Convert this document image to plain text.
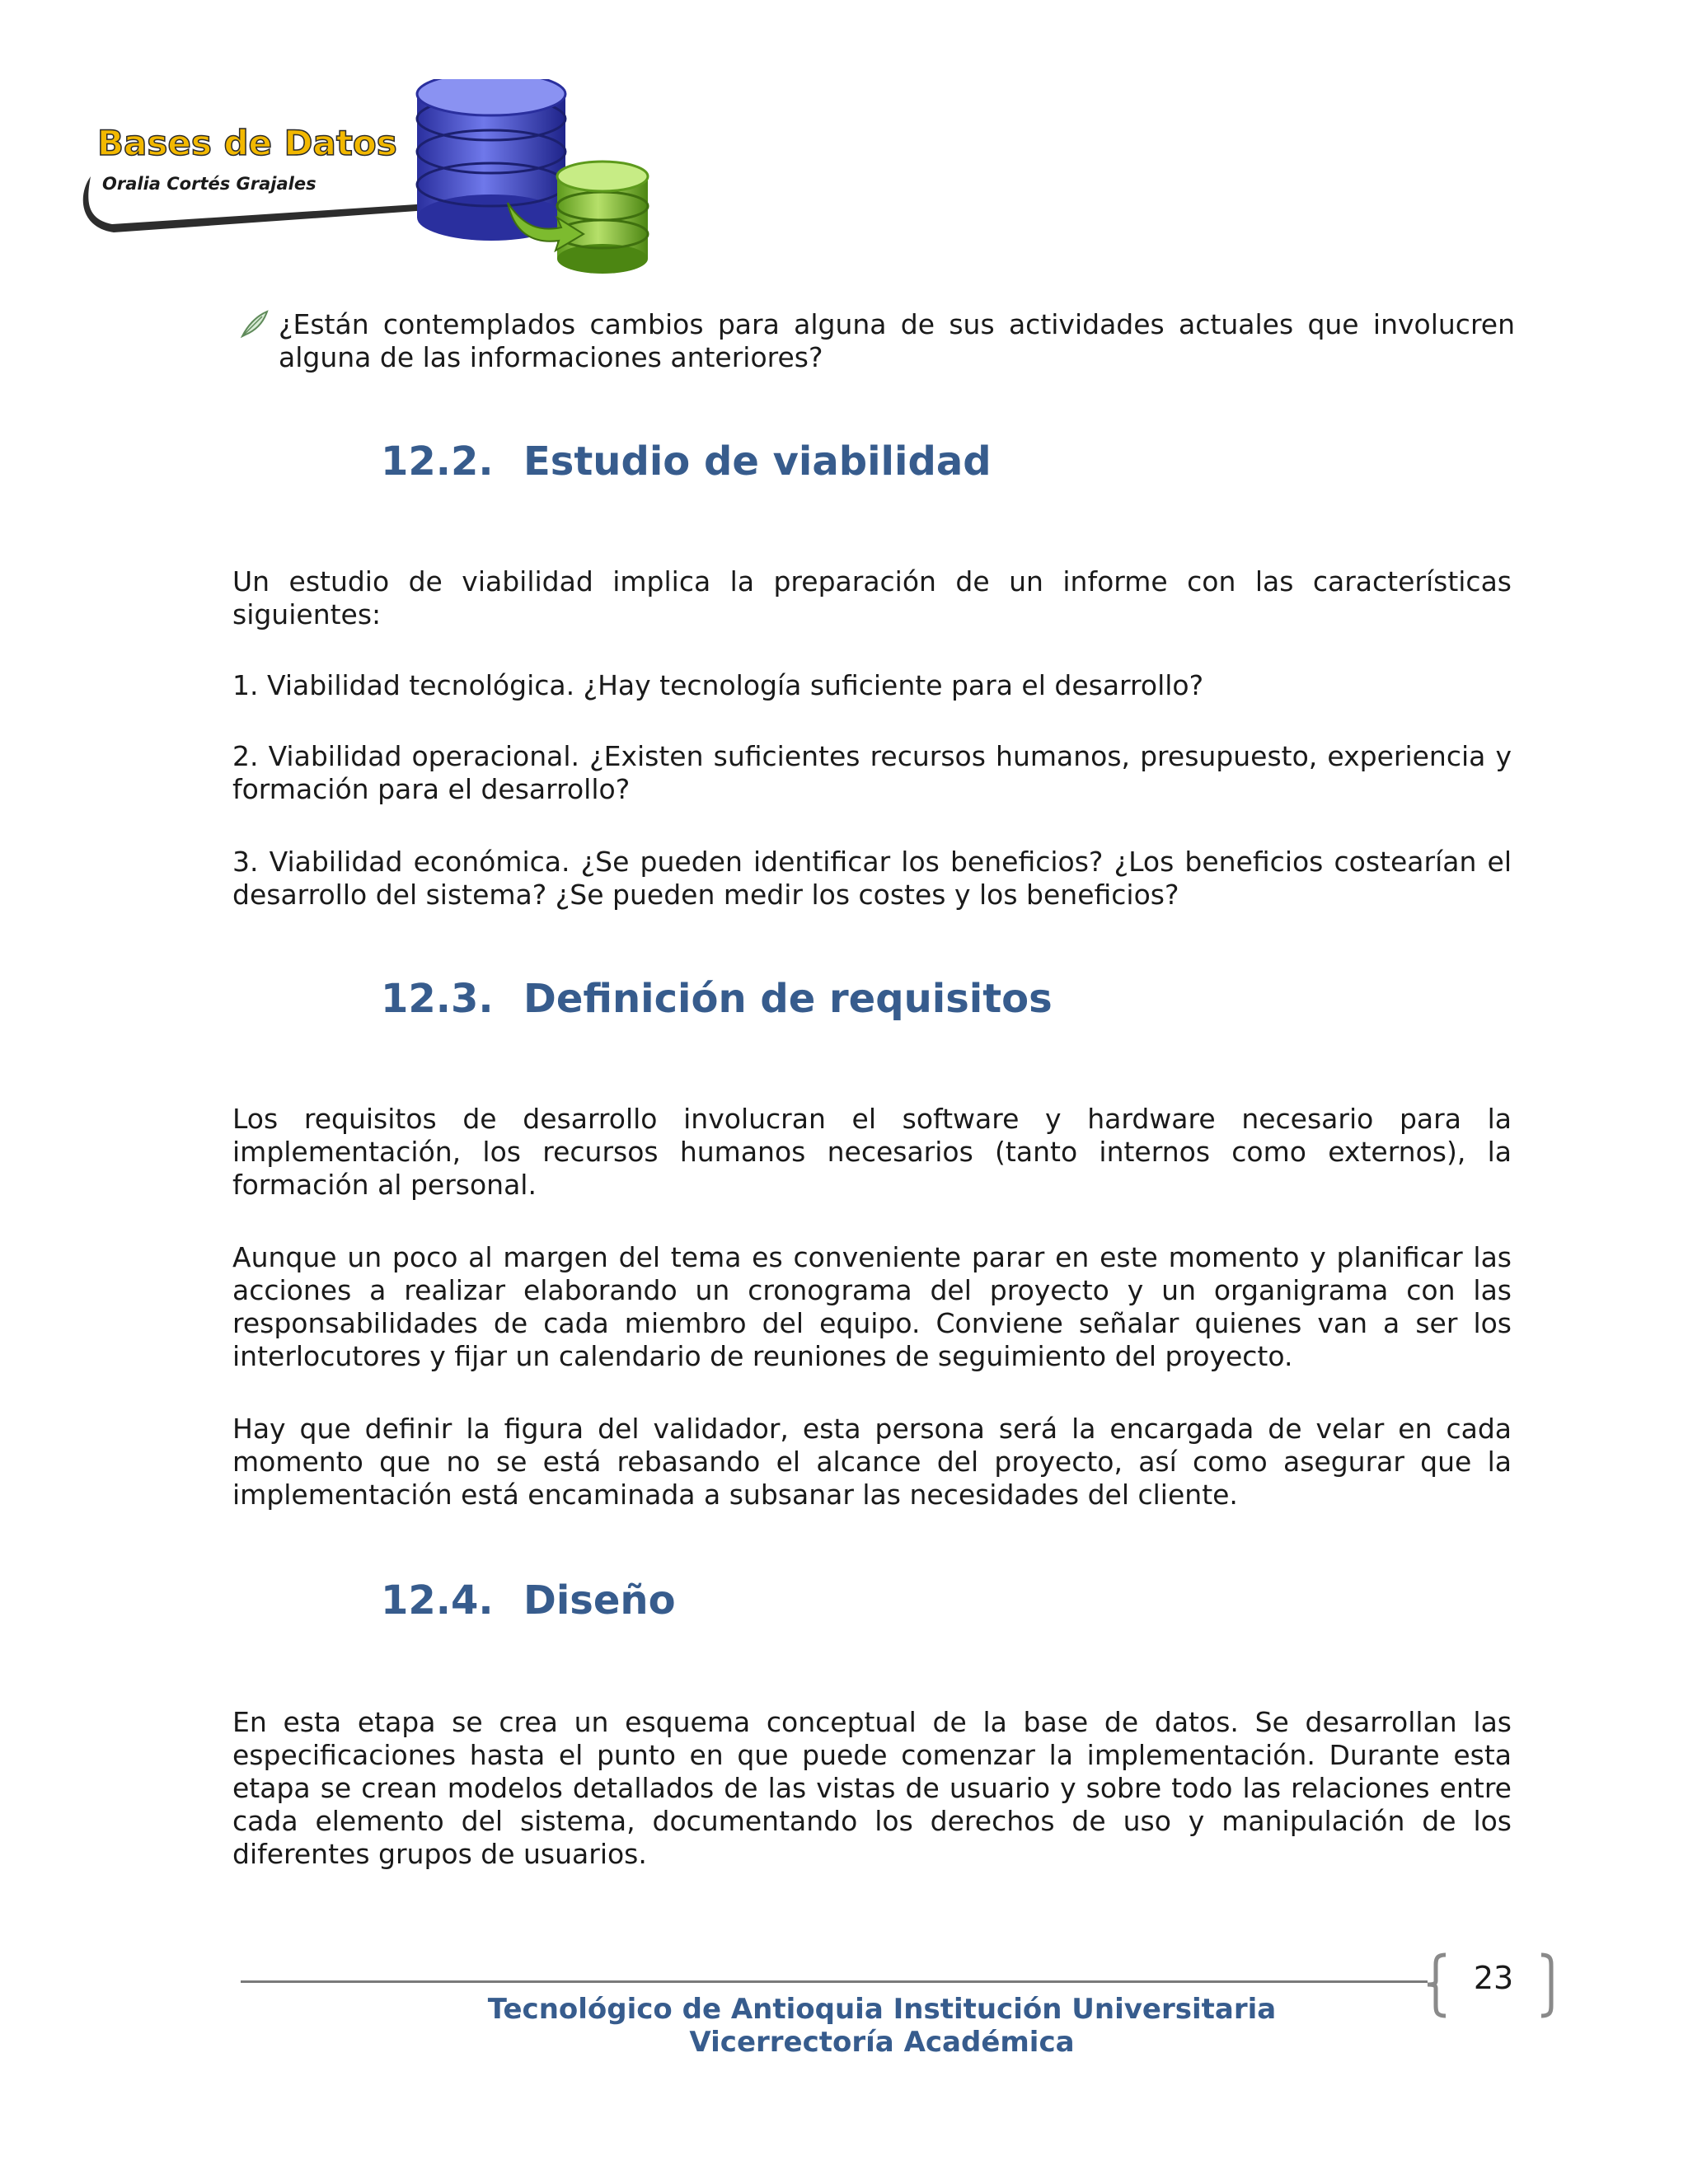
Bases de Datos
Oralia Cortés Grajales

¿Están contemplados cambios para alguna de sus actividades actuales que involucren alguna de las informaciones anteriores?

12.2. Estudio de viabilidad

Un estudio de viabilidad implica la preparación de un informe con las características siguientes:

1. Viabilidad tecnológica. ¿Hay tecnología suficiente para el desarrollo?

2. Viabilidad operacional. ¿Existen suficientes recursos humanos, presupuesto, experiencia y formación para el desarrollo?

3. Viabilidad económica. ¿Se pueden identificar los beneficios? ¿Los beneficios costearían el desarrollo del sistema? ¿Se pueden medir los costes y los beneficios?

12.3. Definición de requisitos

Los requisitos de desarrollo involucran el software y hardware necesario para la implementación, los recursos humanos necesarios (tanto internos como externos), la formación al personal.

Aunque un poco al margen del tema es conveniente parar en este momento y planificar las acciones a realizar elaborando un cronograma del proyecto y un organigrama con las responsabilidades de cada miembro del equipo. Conviene señalar quienes van a ser los interlocutores y fijar un calendario de reuniones de seguimiento del proyecto.

Hay que definir la figura del validador, esta persona será la encargada de velar en cada momento que no se está rebasando el alcance del proyecto, así como asegurar que la implementación está encaminada a subsanar las necesidades del cliente.

12.4. Diseño

En esta etapa se crea un esquema conceptual de la base de datos. Se desarrollan las especificaciones hasta el punto en que puede comenzar la implementación. Durante esta etapa se crean modelos detallados de las vistas de usuario y sobre todo las relaciones entre cada elemento del sistema, documentando los derechos de uso y manipulación de los diferentes grupos de usuarios.

23
Tecnológico de Antioquia Institución Universitaria
Vicerrectoría Académica
